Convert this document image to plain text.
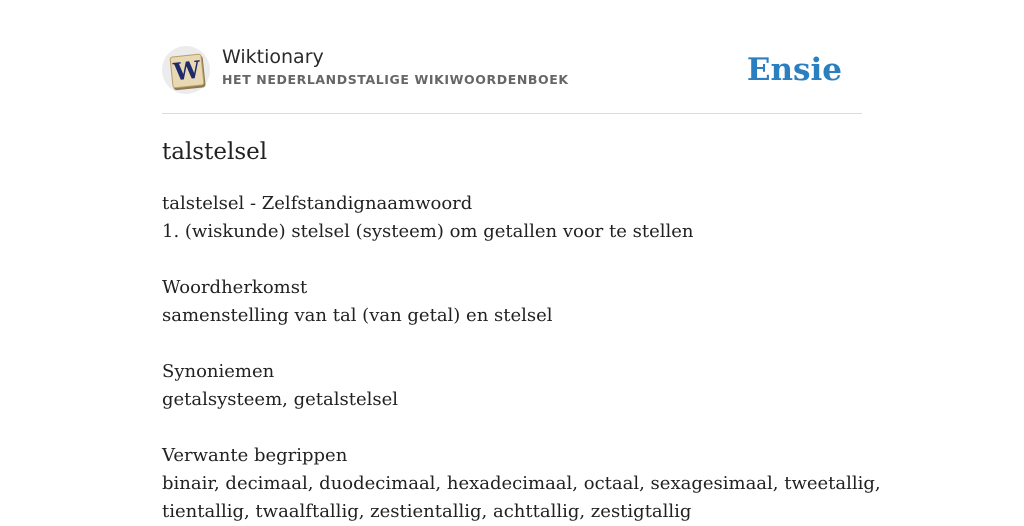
W Wiktionary
HET NEDERLANDSTALIGE WIKIWOORDENBOEK	Ensie
talstelsel
talstelsel - Zelfstandignaamwoord
1. (wiskunde) stelsel (systeem) om getallen voor te stellen
Woordherkomst
samenstelling van tal (van getal) en stelsel
Synoniemen
getalsysteem, getalstelsel
Verwante begrippen
binair, decimaal, duodecimaal, hexadecimaal, octaal, sexagesimaal, tweetallig,
tientallig, twaalftallig, zestientallig, achttallig, zestigtallig
